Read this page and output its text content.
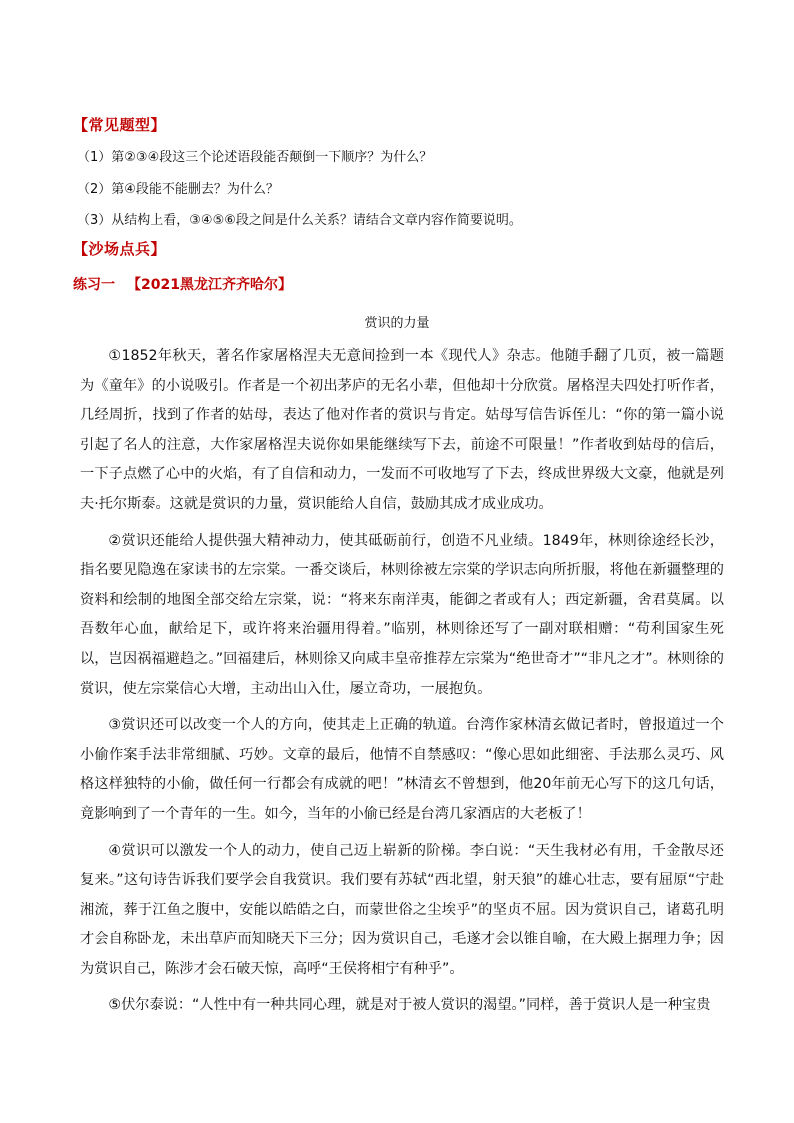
【常见题型】
（1）第②③④段这三个论述语段能否颠倒一下顺序？为什么？
（2）第④段能不能删去？为什么？
（3）从结构上看，③④⑤⑥段之间是什么关系？请结合文章内容作简要说明。
【沙场点兵】
练习一 【2021黑龙江齐齐哈尔】
赏识的力量

①1852年秋天，著名作家屠格涅夫无意间捡到一本《现代人》杂志。他随手翻了几页，被一篇题为《童年》的小说吸引。作者是一个初出茅庐的无名小辈，但他却十分欣赏。屠格涅夫四处打听作者，几经周折，找到了作者的姑母，表达了他对作者的赏识与肯定。姑母写信告诉侄儿：“你的第一篇小说引起了名人的注意，大作家屠格涅夫说你如果能继续写下去，前途不可限量！”作者收到姑母的信后，一下子点燃了心中的火焰，有了自信和动力，一发而不可收地写了下去，终成世界级大文豪，他就是列夫·托尔斯泰。这就是赏识的力量，赏识能给人自信，鼓励其成才成业成功。

②赏识还能给人提供强大精神动力，使其砥砺前行，创造不凡业绩。1849年，林则徐途经长沙，指名要见隐逸在家读书的左宗棠。一番交谈后，林则徐被左宗棠的学识志向所折服，将他在新疆整理的资料和绘制的地图全部交给左宗棠，说：“将来东南洋夷，能御之者或有人；西定新疆，舍君莫属。以吾数年心血，献给足下，或许将来治疆用得着。”临别，林则徐还写了一副对联相赠：“苟利国家生死以，岂因祸福避趋之。”回福建后，林则徐又向咸丰皇帝推荐左宗棠为“绝世奇才”“非凡之才”。林则徐的赏识，使左宗棠信心大增，主动出山入仕，屡立奇功，一展抱负。

③赏识还可以改变一个人的方向，使其走上正确的轨道。台湾作家林清玄做记者时，曾报道过一个小偷作案手法非常细腻、巧妙。文章的最后，他情不自禁感叹：“像心思如此细密、手法那么灵巧、风格这样独特的小偷，做任何一行都会有成就的吧！”林清玄不曾想到，他20年前无心写下的这几句话，竟影响到了一个青年的一生。如今，当年的小偷已经是台湾几家酒店的大老板了！

④赏识可以激发一个人的动力，使自己迈上崭新的阶梯。李白说：“天生我材必有用，千金散尽还复来。”这句诗告诉我们要学会自我赏识。我们要有苏轼“西北望，射天狼”的雄心壮志，要有屈原“宁赴湘流，葬于江鱼之腹中，安能以皓皓之白，而蒙世俗之尘埃乎”的坚贞不屈。因为赏识自己，诸葛孔明才会自称卧龙，未出草庐而知晓天下三分；因为赏识自己，毛遂才会以锥自喻，在大殿上据理力争；因为赏识自己，陈涉才会石破天惊，高呼“王侯将相宁有种乎”。

⑤伏尔泰说：“人性中有一种共同心理，就是对于被人赏识的渴望。”同样，善于赏识人是一种宝贵
